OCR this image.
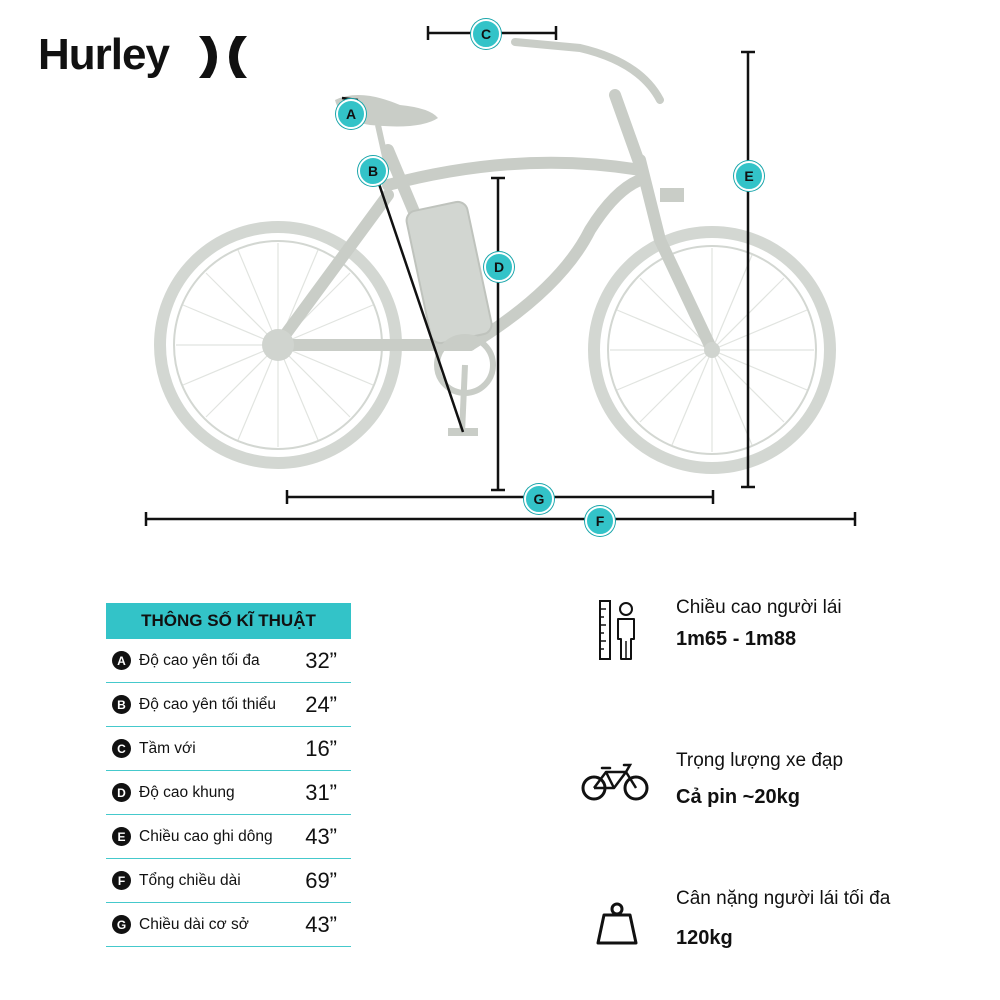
Hurley
A
B
C
D
E
F
G
THÔNG SỐ KĨ THUẬT
A Độ cao yên tối đa 32”
B Độ cao yên tối thiểu 24”
C Tầm với	16”
D Độ cao khung	31”
E Chiều cao ghi dông 43”
F Tổng chiều dài	69”
G Chiều dài cơ sở	43”
Chiều cao người lái
1m65 - 1m88
Trọng lượng xe đạp
Cả pin ~20kg
Cân nặng người lái tối đa
120kg
